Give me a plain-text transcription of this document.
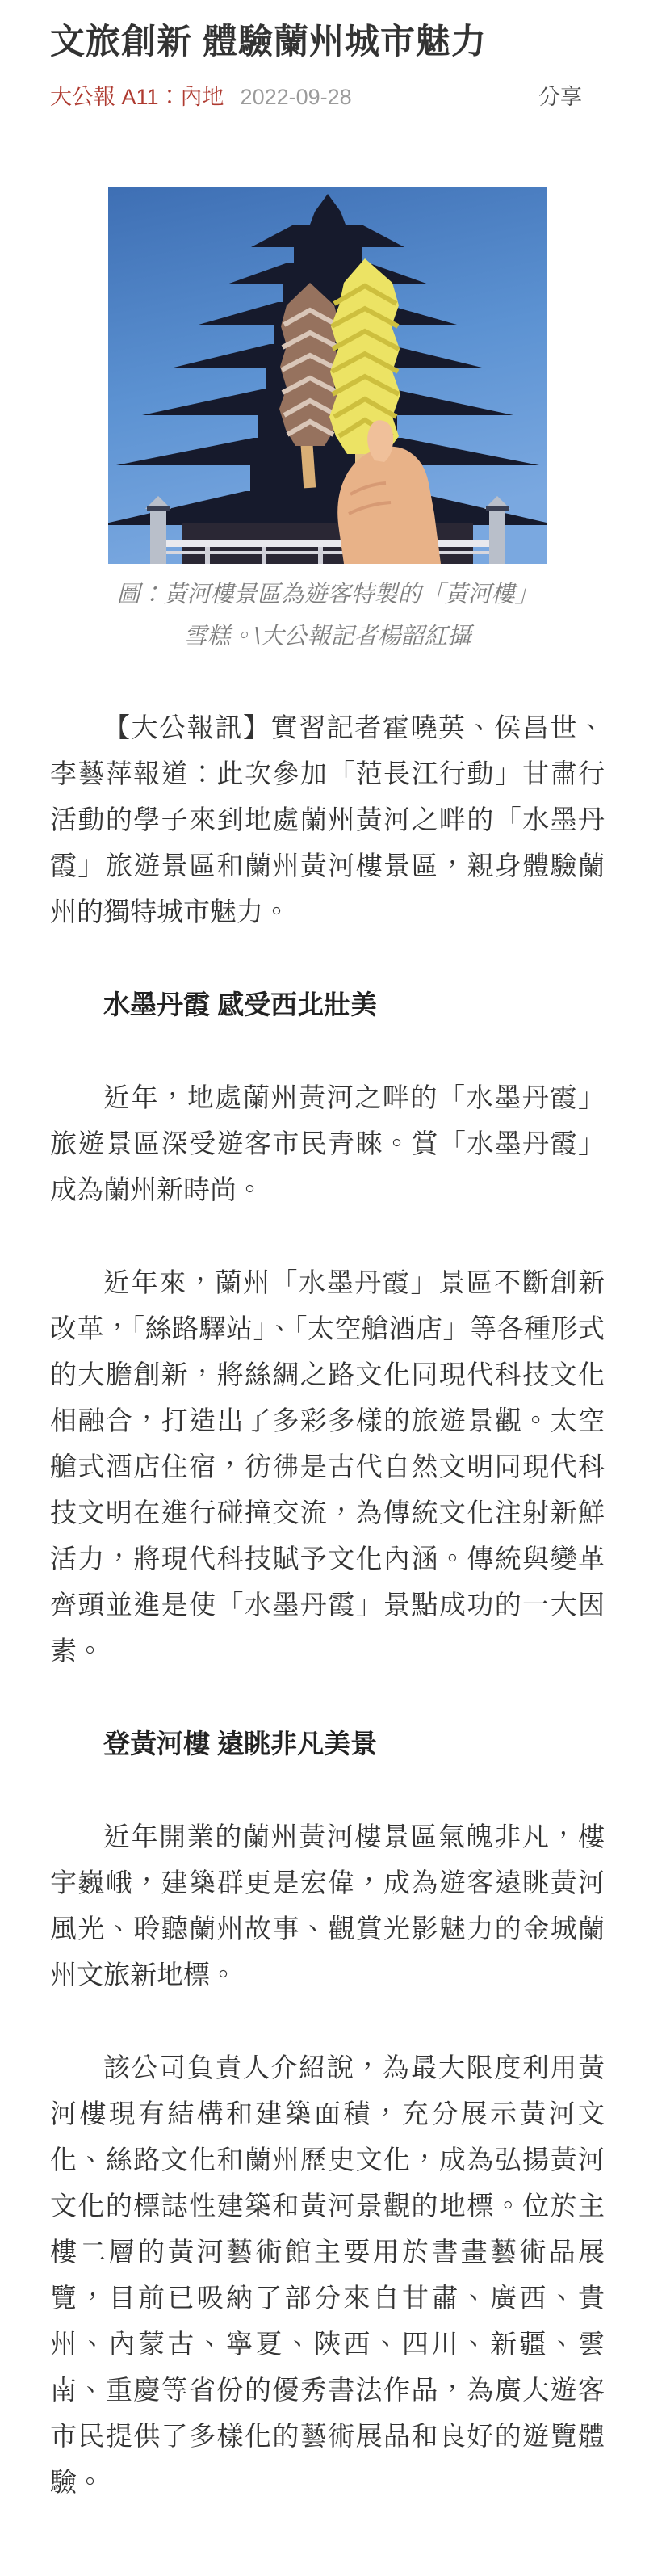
文旅創新 體驗蘭州城市魅力
大公報 A11：內地 2022-09-28	分享
圖：黃河樓景區為遊客特製的「黃河樓」雪糕。\大公報記者楊韶紅攝

【大公報訊】實習記者霍曉英、侯昌世、李藝萍報道：此次參加「范長江行動」甘肅行活動的學子來到地處蘭州黃河之畔的「水墨丹霞」旅遊景區和蘭州黃河樓景區，親身體驗蘭州的獨特城市魅力。

水墨丹霞 感受西北壯美

近年，地處蘭州黃河之畔的「水墨丹霞」旅遊景區深受遊客市民青睞。賞「水墨丹霞」成為蘭州新時尚。

近年來，蘭州「水墨丹霞」景區不斷創新改革，「絲路驛站」、「太空艙酒店」等各種形式的大膽創新，將絲綢之路文化同現代科技文化相融合，打造出了多彩多樣的旅遊景觀。太空艙式酒店住宿，彷彿是古代自然文明同現代科技文明在進行碰撞交流，為傳統文化注射新鮮活力，將現代科技賦予文化內涵。傳統與變革齊頭並進是使「水墨丹霞」景點成功的一大因素。

登黃河樓 遠眺非凡美景

近年開業的蘭州黃河樓景區氣魄非凡，樓宇巍峨，建築群更是宏偉，成為遊客遠眺黃河風光、聆聽蘭州故事、觀賞光影魅力的金城蘭州文旅新地標。

該公司負責人介紹說，為最大限度利用黃河樓現有結構和建築面積，充分展示黃河文化、絲路文化和蘭州歷史文化，成為弘揚黃河文化的標誌性建築和黃河景觀的地標。位於主樓二層的黃河藝術館主要用於書畫藝術品展覽，目前已吸納了部分來自甘肅、廣西、貴州、內蒙古、寧夏、陝西、四川、新疆、雲南、重慶等省份的優秀書法作品，為廣大遊客市民提供了多樣化的藝術展品和良好的遊覽體驗。
